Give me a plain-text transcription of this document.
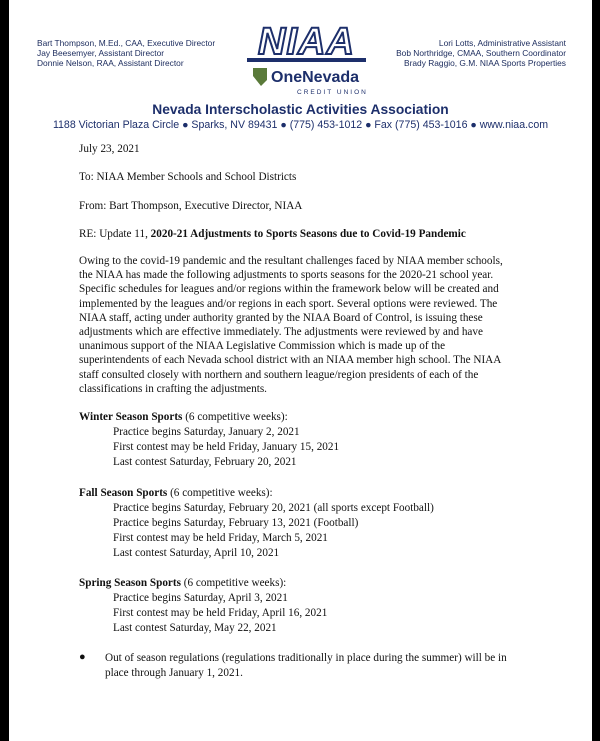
Bart Thompson, M.Ed., CAA, Executive Director
Jay Beesemyer, Assistant Director
Donnie Nelson, RAA, Assistant Director
Lori Lotts, Administrative Assistant
Bob Northridge, CMAA, Southern Coordinator
Brady Raggio, G.M. NIAA Sports Properties
NIAA
OneNevada
CREDIT UNION
Nevada Interscholastic Activities Association
1188 Victorian Plaza Circle ● Sparks, NV 89431 ● (775) 453-1012 ● Fax (775) 453-1016 ● www.niaa.com
July 23, 2021
To: NIAA Member Schools and School Districts
From: Bart Thompson, Executive Director, NIAA
RE: Update 11, 2020-21 Adjustments to Sports Seasons due to Covid-19 Pandemic
Owing to the covid-19 pandemic and the resultant challenges faced by NIAA member schools,
the NIAA has made the following adjustments to sports seasons for the 2020-21 school year.
Specific schedules for leagues and/or regions within the framework below will be created and
implemented by the leagues and/or regions in each sport. Several options were reviewed. The
NIAA staff, acting under authority granted by the NIAA Board of Control, is issuing these
adjustments which are effective immediately. The adjustments were reviewed by and have
unanimous support of the NIAA Legislative Commission which is made up of the
superintendents of each Nevada school district with an NIAA member high school. The NIAA
staff consulted closely with northern and southern league/region presidents of each of the
classifications in crafting the adjustments.
Winter Season Sports (6 competitive weeks):
Practice begins Saturday, January 2, 2021
First contest may be held Friday, January 15, 2021
Last contest Saturday, February 20, 2021
Fall Season Sports (6 competitive weeks):
Practice begins Saturday, February 20, 2021 (all sports except Football)
Practice begins Saturday, February 13, 2021 (Football)
First contest may be held Friday, March 5, 2021
Last contest Saturday, April 10, 2021
Spring Season Sports (6 competitive weeks):
Practice begins Saturday, April 3, 2021
First contest may be held Friday, April 16, 2021
Last contest Saturday, May 22, 2021
● Out of season regulations (regulations traditionally in place during the summer) will be in
place through January 1, 2021.
